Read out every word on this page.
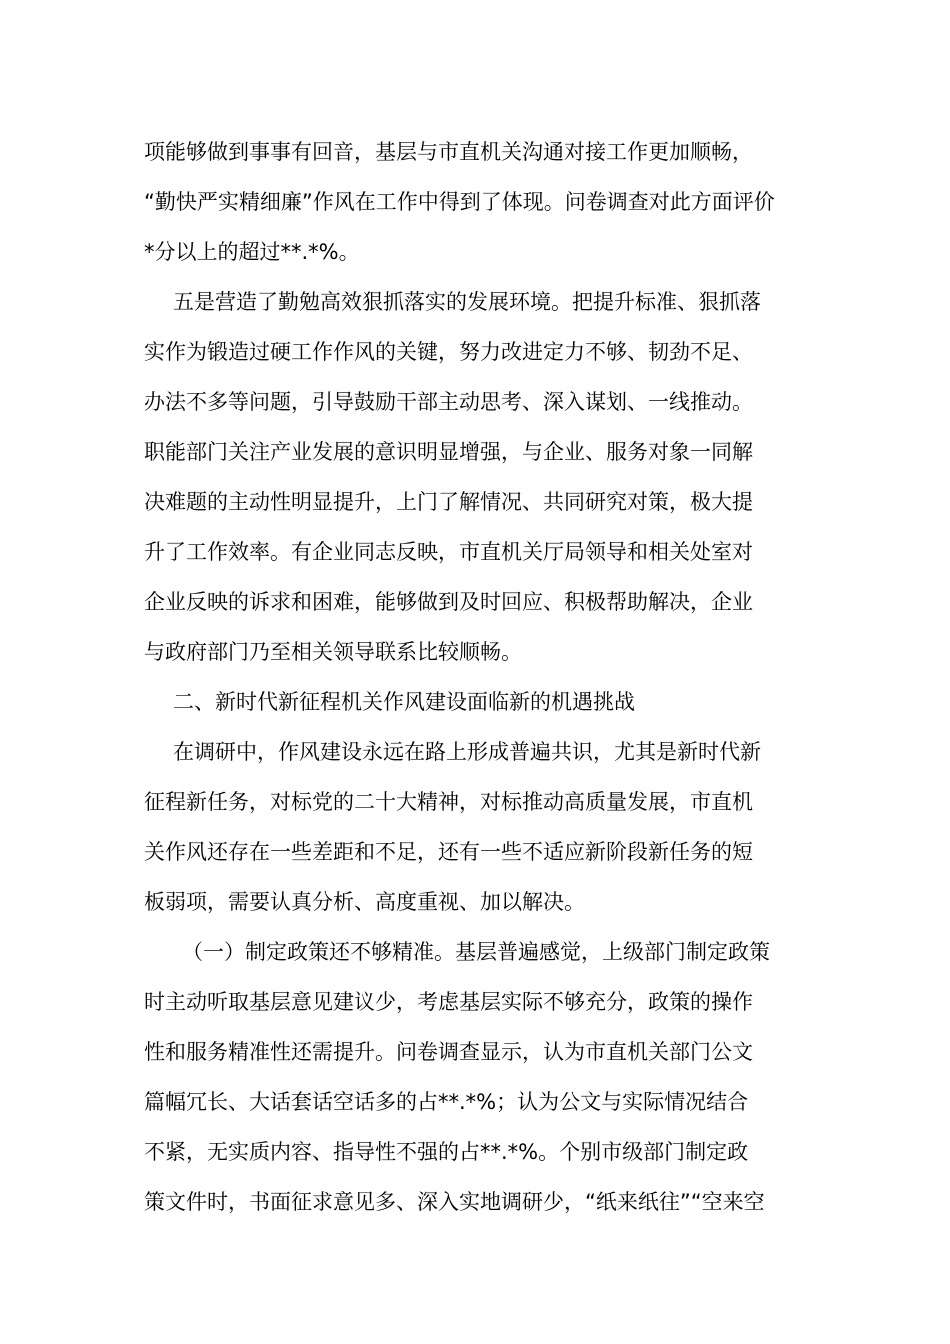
项能够做到事事有回音，基层与市直机关沟通对接工作更加顺畅，
“勤快严实精细廉”作风在工作中得到了体现。问卷调查对此方面评价
*分以上的超过**.*%。
五是营造了勤勉高效狠抓落实的发展环境。把提升标准、狠抓落
实作为锻造过硬工作作风的关键，努力改进定力不够、韧劲不足、
办法不多等问题，引导鼓励干部主动思考、深入谋划、一线推动。
职能部门关注产业发展的意识明显增强，与企业、服务对象一同解
决难题的主动性明显提升，上门了解情况、共同研究对策，极大提
升了工作效率。有企业同志反映，市直机关厅局领导和相关处室对
企业反映的诉求和困难，能够做到及时回应、积极帮助解决，企业
与政府部门乃至相关领导联系比较顺畅。
二、新时代新征程机关作风建设面临新的机遇挑战
在调研中，作风建设永远在路上形成普遍共识，尤其是新时代新
征程新任务，对标党的二十大精神，对标推动高质量发展，市直机
关作风还存在一些差距和不足，还有一些不适应新阶段新任务的短
板弱项，需要认真分析、高度重视、加以解决。
（一）制定政策还不够精准。基层普遍感觉，上级部门制定政策
时主动听取基层意见建议少，考虑基层实际不够充分，政策的操作
性和服务精准性还需提升。问卷调查显示，认为市直机关部门公文
篇幅冗长、大话套话空话多的占**.*%；认为公文与实际情况结合
不紧，无实质内容、指导性不强的占**.*%。个别市级部门制定政
策文件时，书面征求意见多、深入实地调研少，“纸来纸往”“空来空
